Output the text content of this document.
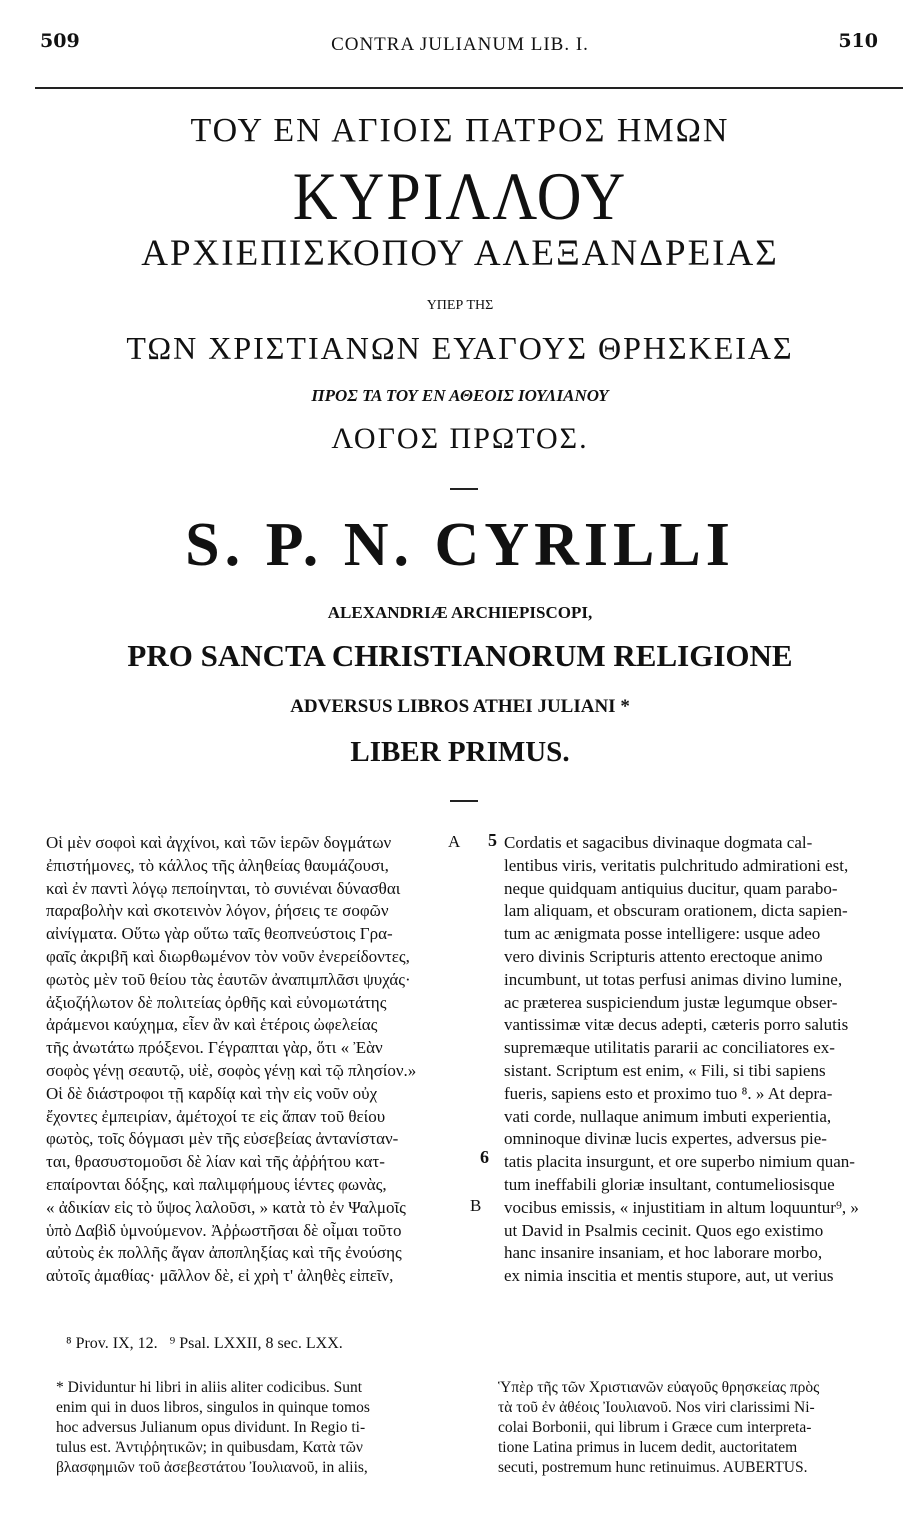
509	CONTRA JULIANUM LIB. I.	510
ΤΟΥ ΕΝ ΑΓΙΟΙΣ ΠΑΤΡΟΣ ΗΜΩΝ
ΚΥΡΙΛΛΟΥ
ΑΡΧΙΕΠΙΣΚΟΠΟΥ ΑΛΕΞΑΝΔΡΕΙΑΣ
ΥΠΕΡ ΤΗΣ
ΤΩΝ ΧΡΙΣΤΙΑΝΩΝ ΕΥΑΓΟΥΣ ΘΡΗΣΚΕΙΑΣ
ΠΡΟΣ ΤΑ ΤΟΥ ΕΝ ΑΘΕΟΙΣ ΙΟΥΛΙΑΝΟΥ
ΛΟΓΟΣ ΠΡΩΤΟΣ.
S. P. N. CYRILLI
ALEXANDRIÆ ARCHIEPISCOPI,
PRO SANCTA CHRISTIANORUM RELIGIONE
ADVERSUS LIBROS ATHEI JULIANI *
LIBER PRIMUS.
A
B
5
6
Οἱ μὲν σοφοὶ καὶ ἀγχίνοι, καὶ τῶν ἱερῶν δογμάτων
ἐπιστήμονες, τὸ κάλλος τῆς ἀληθείας θαυμάζουσι,
καὶ ἐν παντὶ λόγῳ πεποίηνται, τὸ συνιέναι δύνασθαι
παραβολὴν καὶ σκοτεινὸν λόγον, ῥήσεις τε σοφῶν
αἰνίγματα. Οὕτω γὰρ οὕτω ταῖς θεοπνεύστοις Γρα-
φαῖς ἀκριβῆ καὶ διωρθωμένον τὸν νοῦν ἐνερείδοντες,
φωτὸς μὲν τοῦ θείου τὰς ἑαυτῶν ἀναπιμπλᾶσι ψυχάς·
ἀξιοζήλωτον δὲ πολιτείας ὀρθῆς καὶ εὐνομωτάτης
ἀράμενοι καύχημα, εἶεν ἂν καὶ ἑτέροις ὠφελείας
τῆς ἀνωτάτω πρόξενοι. Γέγραπται γὰρ, ὅτι « Ἐὰν
σοφὸς γένῃ σεαυτῷ, υἱὲ, σοφὸς γένῃ καὶ τῷ πλησίον.»
Οἱ δὲ διάστροφοι τῇ καρδίᾳ καὶ τὴν εἰς νοῦν οὐχ
ἔχοντες ἐμπειρίαν, ἀμέτοχοί τε εἰς ἅπαν τοῦ θείου
φωτὸς, τοῖς δόγμασι μὲν τῆς εὐσεβείας ἀντανίσταν-
ται, θρασυστομοῦσι δὲ λίαν καὶ τῆς ἀῤῥήτου κατ-
επαίρονται δόξης, καὶ παλιμφήμους ἱέντες φωνὰς,
« ἀδικίαν εἰς τὸ ὕψος λαλοῦσι, » κατὰ τὸ ἐν Ψαλμοῖς
ὑπὸ Δαβὶδ ὑμνούμενον. Ἀῤῥωστῆσαι δὲ οἶμαι τοῦτο
αὐτοὺς ἐκ πολλῆς ἄγαν ἀποπληξίας καὶ τῆς ἐνούσης
αὐτοῖς ἀμαθίας· μᾶλλον δὲ, εἰ χρὴ τ' ἀληθὲς εἰπεῖν,
Cordatis et sagacibus divinaque dogmata cal-
lentibus viris, veritatis pulchritudo admirationi est,
neque quidquam antiquius ducitur, quam parabo-
lam aliquam, et obscuram orationem, dicta sapien-
tum ac ænigmata posse intelligere: usque adeo
vero divinis Scripturis attento erectoque animo
incumbunt, ut totas perfusi animas divino lumine,
ac præterea suspiciendum justæ legumque obser-
vantissimæ vitæ decus adepti, cæteris porro salutis
supremæque utilitatis pararii ac conciliatores ex-
sistant. Scriptum est enim, « Fili, si tibi sapiens
fueris, sapiens esto et proximo tuo ⁸. » At depra-
vati corde, nullaque animum imbuti experientia,
omninoque divinæ lucis expertes, adversus pie-
tatis placita insurgunt, et ore superbo nimium quan-
tum ineffabili gloriæ insultant, contumeliosisque
vocibus emissis, « injustitiam in altum loquuntur⁹, »
ut David in Psalmis cecinit. Quos ego existimo
hanc insanire insaniam, et hoc laborare morbo,
ex nimia inscitia et mentis stupore, aut, ut verius
⁸ Prov. IX, 12.   ⁹ Psal. LXXII, 8 sec. LXX.
* Dividuntur hi libri in aliis aliter codicibus. Sunt
enim qui in duos libros, singulos in quinque tomos
hoc adversus Julianum opus dividunt. In Regio ti-
tulus est. Ἀντιῤῥητικῶν; in quibusdam, Κατὰ τῶν
βλασφημιῶν τοῦ ἀσεβεστάτου Ἰουλιανοῦ, in aliis,
Ὑπὲρ τῆς τῶν Χριστιανῶν εὐαγοῦς θρησκείας πρὸς
τὰ τοῦ ἐν ἀθέοις Ἰουλιανοῦ. Nos viri clarissimi Ni-
colai Borbonii, qui librum i Græce cum interpreta-
tione Latina primus in lucem dedit, auctoritatem
secuti, postremum hunc retinuimus. AUBERTUS.
